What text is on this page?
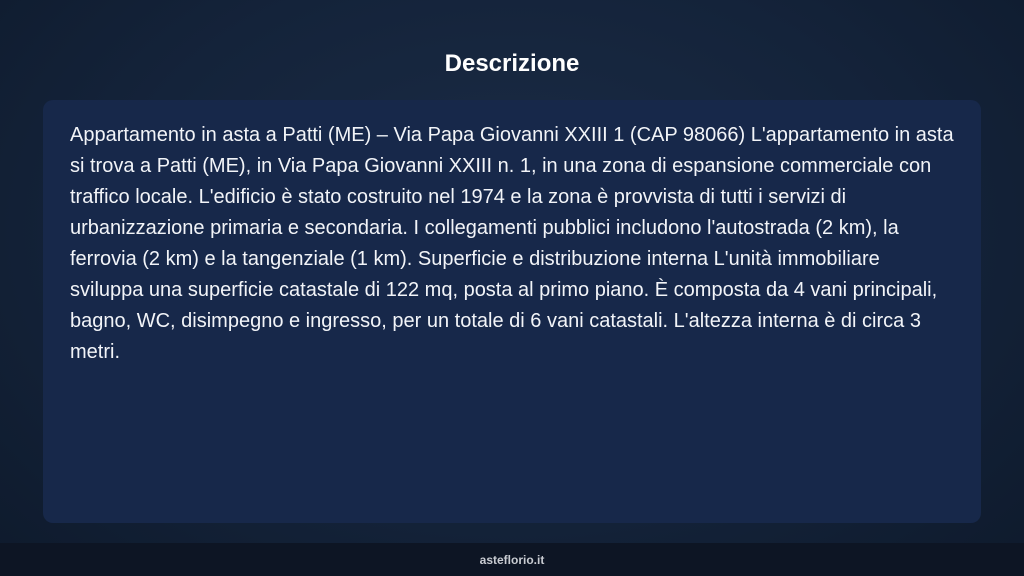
Descrizione

Appartamento in asta a Patti (ME) – Via Papa Giovanni XXIII 1 (CAP 98066) L'appartamento in asta si trova a Patti (ME), in Via Papa Giovanni XXIII n. 1, in una zona di espansione commerciale con traffico locale. L'edificio è stato costruito nel 1974 e la zona è provvista di tutti i servizi di urbanizzazione primaria e secondaria. I collegamenti pubblici includono l'autostrada (2 km), la ferrovia (2 km) e la tangenziale (1 km). Superficie e distribuzione interna L'unità immobiliare sviluppa una superficie catastale di 122 mq, posta al primo piano. È composta da 4 vani principali, bagno, WC, disimpegno e ingresso, per un totale di 6 vani catastali. L'altezza interna è di circa 3 metri.

asteflorio.it
